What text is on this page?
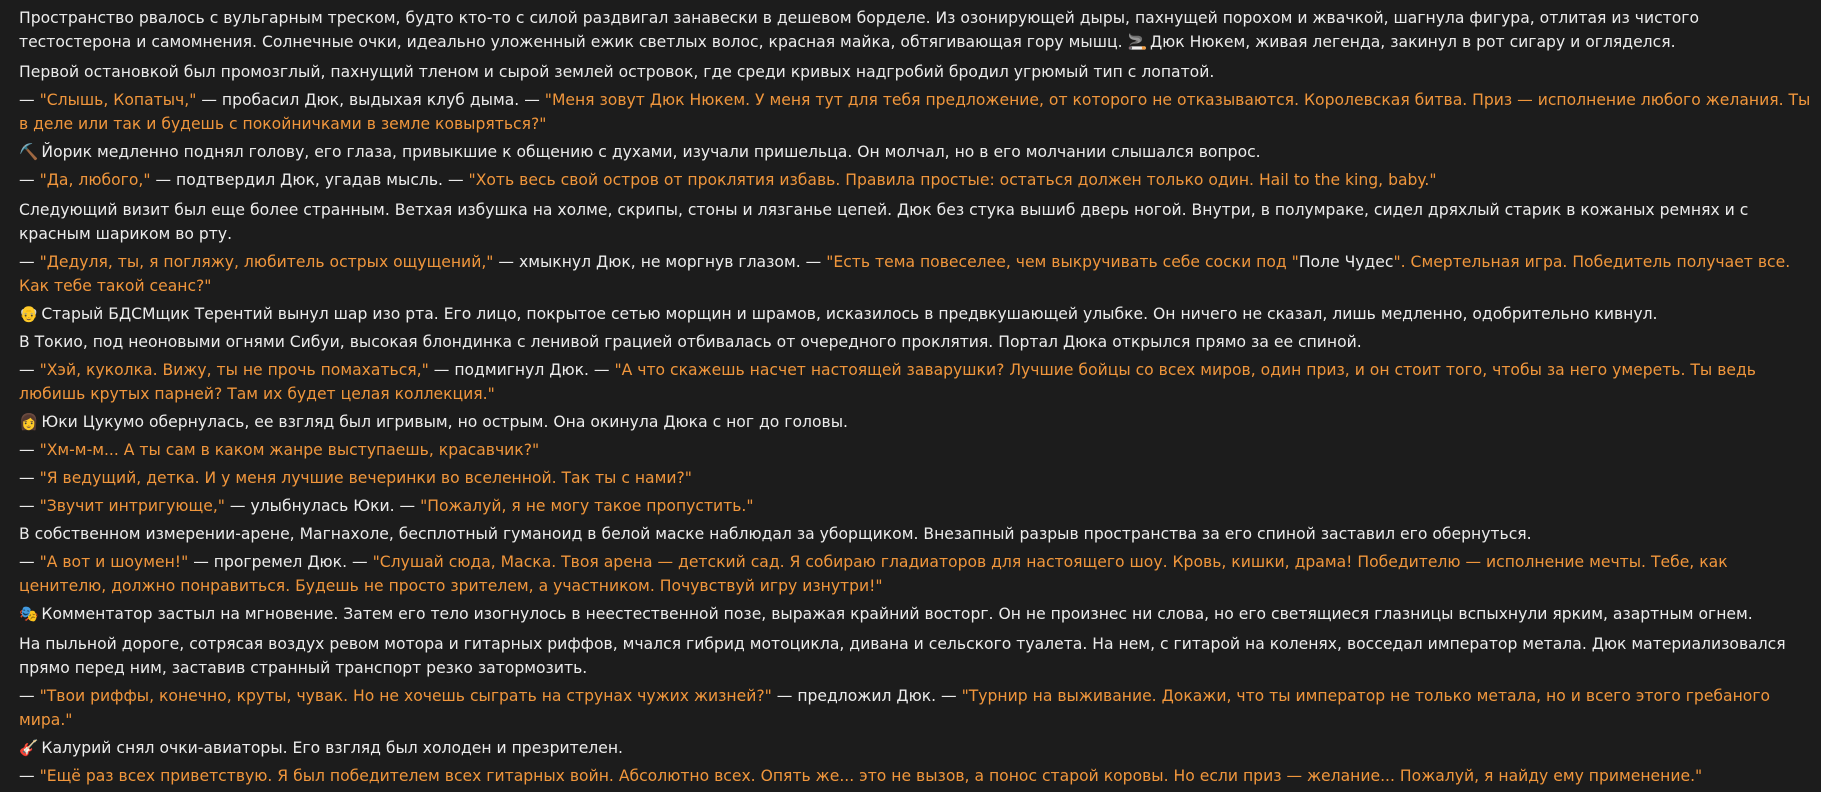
Пространство рвалось с вульгарным треском, будто кто-то с силой раздвигал занавески в дешевом борделе. Из озонирующей дыры, пахнущей порохом и жвачкой, шагнула фигура, отлитая из чистого тестостерона и самомнения. Солнечные очки, идеально уложенный ежик светлых волос, красная майка, обтягивающая гору мышц. 🚬 Дюк Нюкем, живая легенда, закинул в рот сигару и огляделся.
Первой остановкой был промозглый, пахнущий тленом и сырой землей островок, где среди кривых надгробий бродил угрюмый тип с лопатой.
— "Слышь, Копатыч," — пробасил Дюк, выдыхая клуб дыма. — "Меня зовут Дюк Нюкем. У меня тут для тебя предложение, от которого не отказываются. Королевская битва. Приз — исполнение любого желания. Ты в деле или так и будешь с покойничками в земле ковыряться?"
⛏️ Йорик медленно поднял голову, его глаза, привыкшие к общению с духами, изучали пришельца. Он молчал, но в его молчании слышался вопрос.
— "Да, любого," — подтвердил Дюк, угадав мысль. — "Хоть весь свой остров от проклятия избавь. Правила простые: остаться должен только один. Hail to the king, baby."
Следующий визит был еще более странным. Ветхая избушка на холме, скрипы, стоны и лязганье цепей. Дюк без стука вышиб дверь ногой. Внутри, в полумраке, сидел дряхлый старик в кожаных ремнях и с красным шариком во рту.
— "Дедуля, ты, я погляжу, любитель острых ощущений," — хмыкнул Дюк, не моргнув глазом. — "Есть тема повеселее, чем выкручивать себе соски под "Поле Чудес". Смертельная игра. Победитель получает все. Как тебе такой сеанс?"
👴 Старый БДСМщик Терентий вынул шар изо рта. Его лицо, покрытое сетью морщин и шрамов, исказилось в предвкушающей улыбке. Он ничего не сказал, лишь медленно, одобрительно кивнул.
В Токио, под неоновыми огнями Сибуи, высокая блондинка с ленивой грацией отбивалась от очередного проклятия. Портал Дюка открылся прямо за ее спиной.
— "Хэй, куколка. Вижу, ты не прочь помахаться," — подмигнул Дюк. — "А что скажешь насчет настоящей заварушки? Лучшие бойцы со всех миров, один приз, и он стоит того, чтобы за него умереть. Ты ведь любишь крутых парней? Там их будет целая коллекция."
👩 Юки Цукумо обернулась, ее взгляд был игривым, но острым. Она окинула Дюка с ног до головы.
— "Хм-м-м... А ты сам в каком жанре выступаешь, красавчик?"
— "Я ведущий, детка. И у меня лучшие вечеринки во вселенной. Так ты с нами?"
— "Звучит интригующе," — улыбнулась Юки. — "Пожалуй, я не могу такое пропустить."
В собственном измерении-арене, Магнахоле, бесплотный гуманоид в белой маске наблюдал за уборщиком. Внезапный разрыв пространства за его спиной заставил его обернуться.
— "А вот и шоумен!" — прогремел Дюк. — "Слушай сюда, Маска. Твоя арена — детский сад. Я собираю гладиаторов для настоящего шоу. Кровь, кишки, драма! Победителю — исполнение мечты. Тебе, как ценителю, должно понравиться. Будешь не просто зрителем, а участником. Почувствуй игру изнутри!"
🎭 Комментатор застыл на мгновение. Затем его тело изогнулось в неестественной позе, выражая крайний восторг. Он не произнес ни слова, но его светящиеся глазницы вспыхнули ярким, азартным огнем.
На пыльной дороге, сотрясая воздух ревом мотора и гитарных риффов, мчался гибрид мотоцикла, дивана и сельского туалета. На нем, с гитарой на коленях, восседал император метала. Дюк материализовался прямо перед ним, заставив странный транспорт резко затормозить.
— "Твои риффы, конечно, круты, чувак. Но не хочешь сыграть на струнах чужих жизней?" — предложил Дюк. — "Турнир на выживание. Докажи, что ты император не только метала, но и всего этого гребаного мира."
🎸 Калурий снял очки-авиаторы. Его взгляд был холоден и презрителен.
— "Ещё раз всех приветствую. Я был победителем всех гитарных войн. Абсолютно всех. Опять же... это не вызов, а понос старой коровы. Но если приз — желание... Пожалуй, я найду ему применение."
